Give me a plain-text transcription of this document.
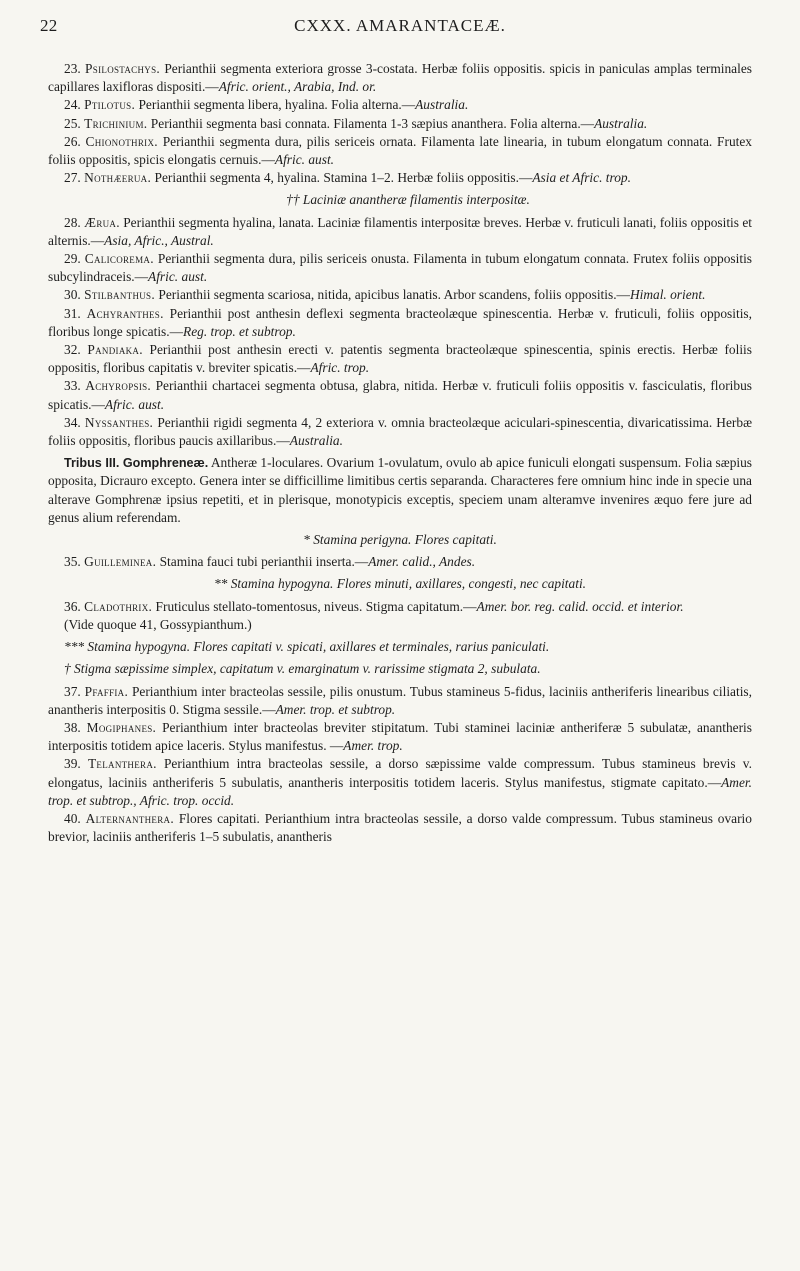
22	CXXX. AMARANTACEÆ.

23. Psilostachys. Perianthii segmenta exteriora grosse 3-costata. Herbæ foliis oppositis. spicis in paniculas amplas terminales capillares laxifloras dispositi.—Afric. orient., Arabia, Ind. or.

24. Ptilotus. Perianthii segmenta libera, hyalina. Folia alterna.—Australia.

25. Trichinium. Perianthii segmenta basi connata. Filamenta 1-3 sæpius ananthera. Folia alterna.—Australia.

26. Chionothrix. Perianthii segmenta dura, pilis sericeis ornata. Filamenta late linearia, in tubum elongatum connata. Frutex foliis oppositis, spicis elongatis cernuis.—Afric. aust.

27. Nothæerua. Perianthii segmenta 4, hyalina. Stamina 1–2. Herbæ foliis oppositis.—Asia et Afric. trop.

†† Laciniæ anantheræ filamentis interpositæ.

28. Ærua. Perianthii segmenta hyalina, lanata. Laciniæ filamentis interpositæ breves. Herbæ v. fruticuli lanati, foliis oppositis et alternis.—Asia, Afric., Austral.

29. Calicorema. Perianthii segmenta dura, pilis sericeis onusta. Filamenta in tubum elongatum connata. Frutex foliis oppositis subcylindraceis.—Afric. aust.

30. Stilbanthus. Perianthii segmenta scariosa, nitida, apicibus lanatis. Arbor scandens, foliis oppositis.—Himal. orient.

31. Achyranthes. Perianthii post anthesin deflexi segmenta bracteolæque spinescentia. Herbæ v. fruticuli, foliis oppositis, floribus longe spicatis.—Reg. trop. et subtrop.

32. Pandiaka. Perianthii post anthesin erecti v. patentis segmenta bracteolæque spinescentia, spinis erectis. Herbæ foliis oppositis, floribus capitatis v. breviter spicatis.—Afric. trop.

33. Achyropsis. Perianthii chartacei segmenta obtusa, glabra, nitida. Herbæ v. fruticuli foliis oppositis v. fasciculatis, floribus spicatis.—Afric. aust.

34. Nyssanthes. Perianthii rigidi segmenta 4, 2 exteriora v. omnia bracteolæque aciculari-spinescentia, divaricatissima. Herbæ foliis oppositis, floribus paucis axillaribus.—Australia.

Tribus III. Gomphreneæ. Antheræ 1-loculares. Ovarium 1-ovulatum, ovulo ab apice funiculi elongati suspensum. Folia sæpius opposita, Dicrauro excepto. Genera inter se difficillime limitibus certis separanda. Characteres fere omnium hinc inde in specie una alterave Gomphrenæ ipsius repetiti, et in plerisque, monotypicis exceptis, speciem unam alteramve invenires æquo fere jure ad genus alium referendam.

* Stamina perigyna. Flores capitati.

35. Guilleminea. Stamina fauci tubi perianthii inserta.—Amer. calid., Andes.

** Stamina hypogyna. Flores minuti, axillares, congesti, nec capitati.

36. Cladothrix. Fruticulus stellato-tomentosus, niveus. Stigma capitatum.—Amer. bor. reg. calid. occid. et interior.

(Vide quoque 41, Gossypianthum.)

*** Stamina hypogyna. Flores capitati v. spicati, axillares et terminales, rarius paniculati.

† Stigma sæpissime simplex, capitatum v. emarginatum v. rarissime stigmata 2, subulata.

37. Pfaffia. Perianthium inter bracteolas sessile, pilis onustum. Tubus stamineus 5-fidus, laciniis antheriferis linearibus ciliatis, anantheris interpositis 0. Stigma sessile.—Amer. trop. et subtrop.

38. Mogiphanes. Perianthium inter bracteolas breviter stipitatum. Tubi staminei laciniæ antheriferæ 5 subulatæ, anantheris interpositis totidem apice laceris. Stylus manifestus. —Amer. trop.

39. Telanthera. Perianthium intra bracteolas sessile, a dorso sæpissime valde compressum. Tubus stamineus brevis v. elongatus, laciniis antheriferis 5 subulatis, anantheris interpositis totidem laceris. Stylus manifestus, stigmate capitato.—Amer. trop. et subtrop., Afric. trop. occid.

40. Alternanthera. Flores capitati. Perianthium intra bracteolas sessile, a dorso valde compressum. Tubus stamineus ovario brevior, laciniis antheriferis 1–5 subulatis, anantheris
